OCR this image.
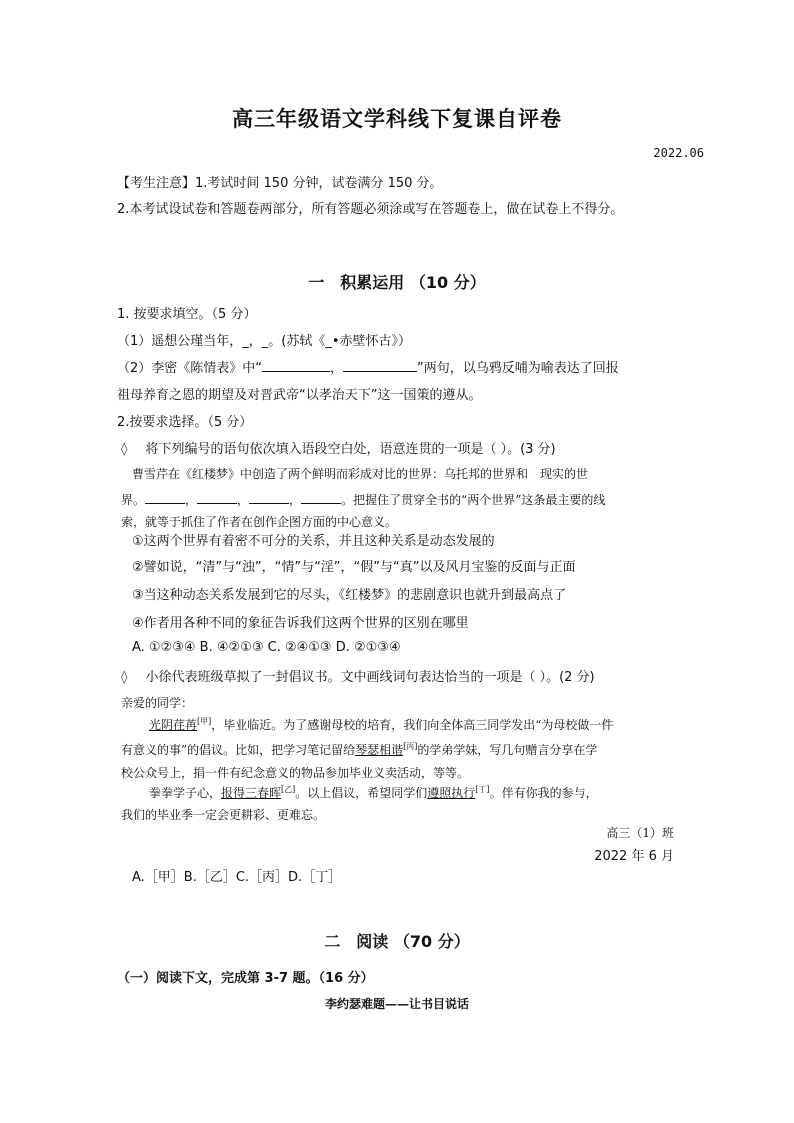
高三年级语文学科线下复课自评卷
2022.06
【考生注意】1.考试时间 150 分钟，试卷满分 150 分。
2.本考试设试卷和答题卷两部分，所有答题必须涂或写在答题卷上，做在试卷上不得分。
一　积累运用 （10 分）
1. 按要求填空。（5 分）
（1）遥想公瑾当年，_，_。(苏轼《_•赤壁怀古》）
（2）李密《陈情表》中“	，	”两句，以乌鸦反哺为喻表达了回报
祖母养育之恩的期望及对晋武帝“以孝治天下”这一国策的遵从。
2.按要求选择。（5 分）
◊ 将下列编号的语句依次填入语段空白处，语意连贯的一项是（ ）。(3 分)
曹雪芹在《红楼梦》中创造了两个鲜明而彩成对比的世界：乌托邦的世界和　现实的世
界。	，	，	，	。把握住了贯穿全书的“两个世界”这条最主要的线
索，就等于抓住了作者在创作企图方面的中心意义。
①这两个世界有着密不可分的关系，并且这种关系是动态发展的
②譬如说，“清”与“浊”，“情”与“淫”，“假”与“真”以及风月宝鉴的反面与正面
③当这种动态关系发展到它的尽头，《红楼梦》的悲剧意识也就升到最高点了
④作者用各种不同的象征告诉我们这两个世界的区别在哪里
A. ①②③④ B. ④②①③ C. ②④①③ D. ②①③④
◊ 小徐代表班级草拟了一封倡议书。文中画线词句表达恰当的一项是（ ）。(2 分)
亲爱的同学：
光阴荏苒[甲]，毕业临近。为了感谢母校的培育，我们向全体高三同学发出“为母校做一件
有意义的事”的倡议。比如，把学习笔记留给琴瑟相谐[丙]的学弟学妹，写几句赠言分享在学
校公众号上，捐一件有纪念意义的物品参加毕业义卖活动，等等。
拳拳学子心，报得三春晖[乙]。以上倡议，希望同学们遵照执行[丁]。伴有你我的参与，
我们的毕业季一定会更耕彩、更难忘。
高三（1）班
2022 年 6 月
A.［甲］B.［乙］C.［丙］D.［丁］
二　阅读 （70 分）
（一）阅读下文，完成第 3-7 题。（16 分）
李约瑟难题——让书目说话
